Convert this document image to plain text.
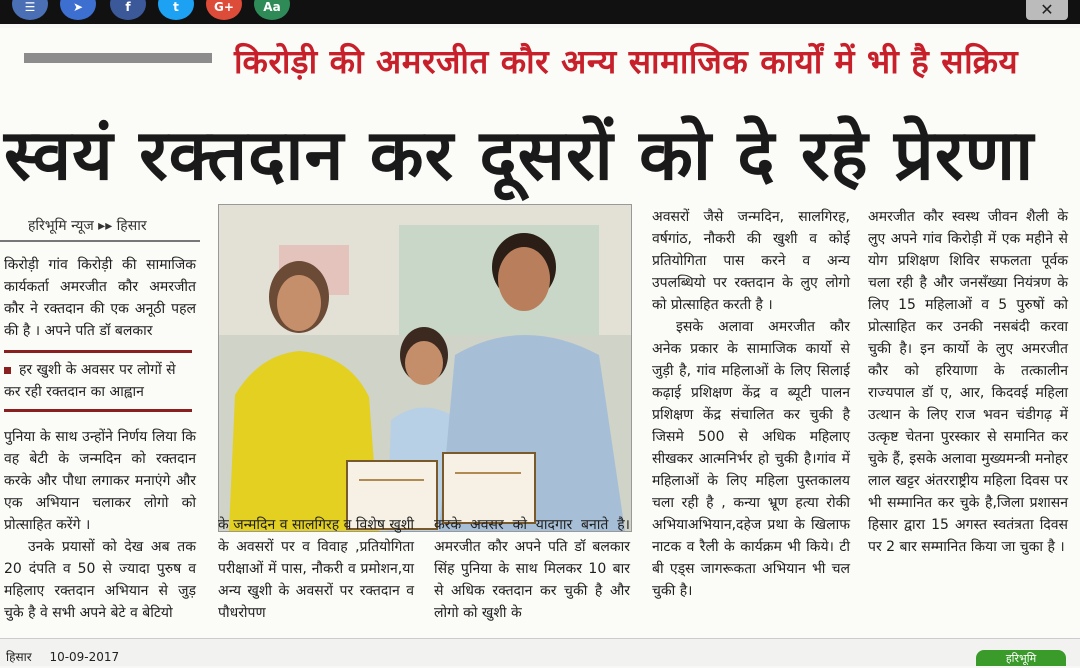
☰	➤	f	t	G+	Aa	✕
किरोड़ी की अमरजीत कौर अन्य सामाजिक कार्यों में भी है सक्रिय
स्वयं रक्तदान कर दूसरों को दे रहे प्रेरणा
हरिभूमि न्यूज ▸▸ हिसार

किरोड़ी गांव किरोड़ी की सामाजिक कार्यकर्ता अमरजीत कौर अमरजीत कौर ने रक्तदान की एक अनूठी पहल की है । अपने पति डॉ बलकार

हर खुशी के अवसर पर लोगों से कर रही रक्तदान का आह्वान

पुनिया के साथ उन्होंने निर्णय लिया कि वह बेटी के जन्मदिन को रक्तदान करके और पौधा लगाकर मनाएंगे और एक अभियान चलाकर लोगो को प्रोत्साहित करेंगे ।

उनके प्रयासों को देख अब तक 20 दंपति व 50 से ज्यादा पुरुष व महिलाए रक्तदान अभियान से जुड़ चुके है वे सभी अपने बेटे व बेटियो

के जन्मदिन व सालगिरह व विशेष खुशी के अवसरों पर व विवाह ,प्रतियोगिता परीक्षाओं में पास, नौकरी व प्रमोशन,या अन्य खुशी के अवसरों पर रक्तदान व पौधरोपण

करके अवसर को यादगार बनाते है। अमरजीत कौर अपने पति डॉ बलकार सिंह पुनिया के साथ मिलकर 10 बार से अधिक रक्तदान कर चुकी है और लोगो को खुशी के

अवसरों जैसे जन्मदिन, सालगिरह, वर्षगांठ, नौकरी की खुशी व कोई प्रतियोगिता पास करने व अन्य उपलब्धियो पर रक्तदान के लुए लोगो को प्रोत्साहित करती है ।

इसके अलावा अमरजीत कौर अनेक प्रकार के सामाजिक कार्यो से जुड़ी है, गांव महिलाओं के लिए सिलाई कढ़ाई प्रशिक्षण केंद्र व ब्यूटी पालन प्रशिक्षण केंद्र संचालित कर चुकी है जिसमे 500 से अधिक महिलाए सीखकर आत्मनिर्भर हो चुकी है।गांव में महिलाओं के लिए महिला पुस्तकालय चला रही है , कन्या भ्रूण हत्या रोकी अभियाअभियान,दहेज प्रथा के खिलाफ नाटक व रैली के कार्यक्रम भी किये। टी बी एड्स जागरूकता अभियान भी चल चुकी है।

अमरजीत कौर स्वस्थ जीवन शैली के लुए अपने गांव किरोड़ी में एक महीने से योग प्रशिक्षण शिविर सफलता पूर्वक चला रही है और जनसँख्या नियंत्रण के लिए 15 महिलाओं व 5 पुरुषों को प्रोत्साहित कर उनकी नसबंदी करवा चुकी है। इन कार्यो के लुए अमरजीत कौर को हरियाणा के तत्कालीन राज्यपाल डॉ ए, आर, किदवई महिला उत्थान के लिए राज भवन चंडीगढ़ में उत्कृष्ट चेतना पुरस्कार से समानित कर चुके हैं, इसके अलावा मुख्यमन्त्री मनोहर लाल खट्टर अंतरराष्ट्रीय महिला दिवस पर भी सम्मानित कर चुके है,जिला प्रशासन हिसार द्वारा 15 अगस्त स्वतंत्रता दिवस पर 2 बार सम्मानित किया जा चुका है ।

हिसार 10-09-2017	हरिभूमि
